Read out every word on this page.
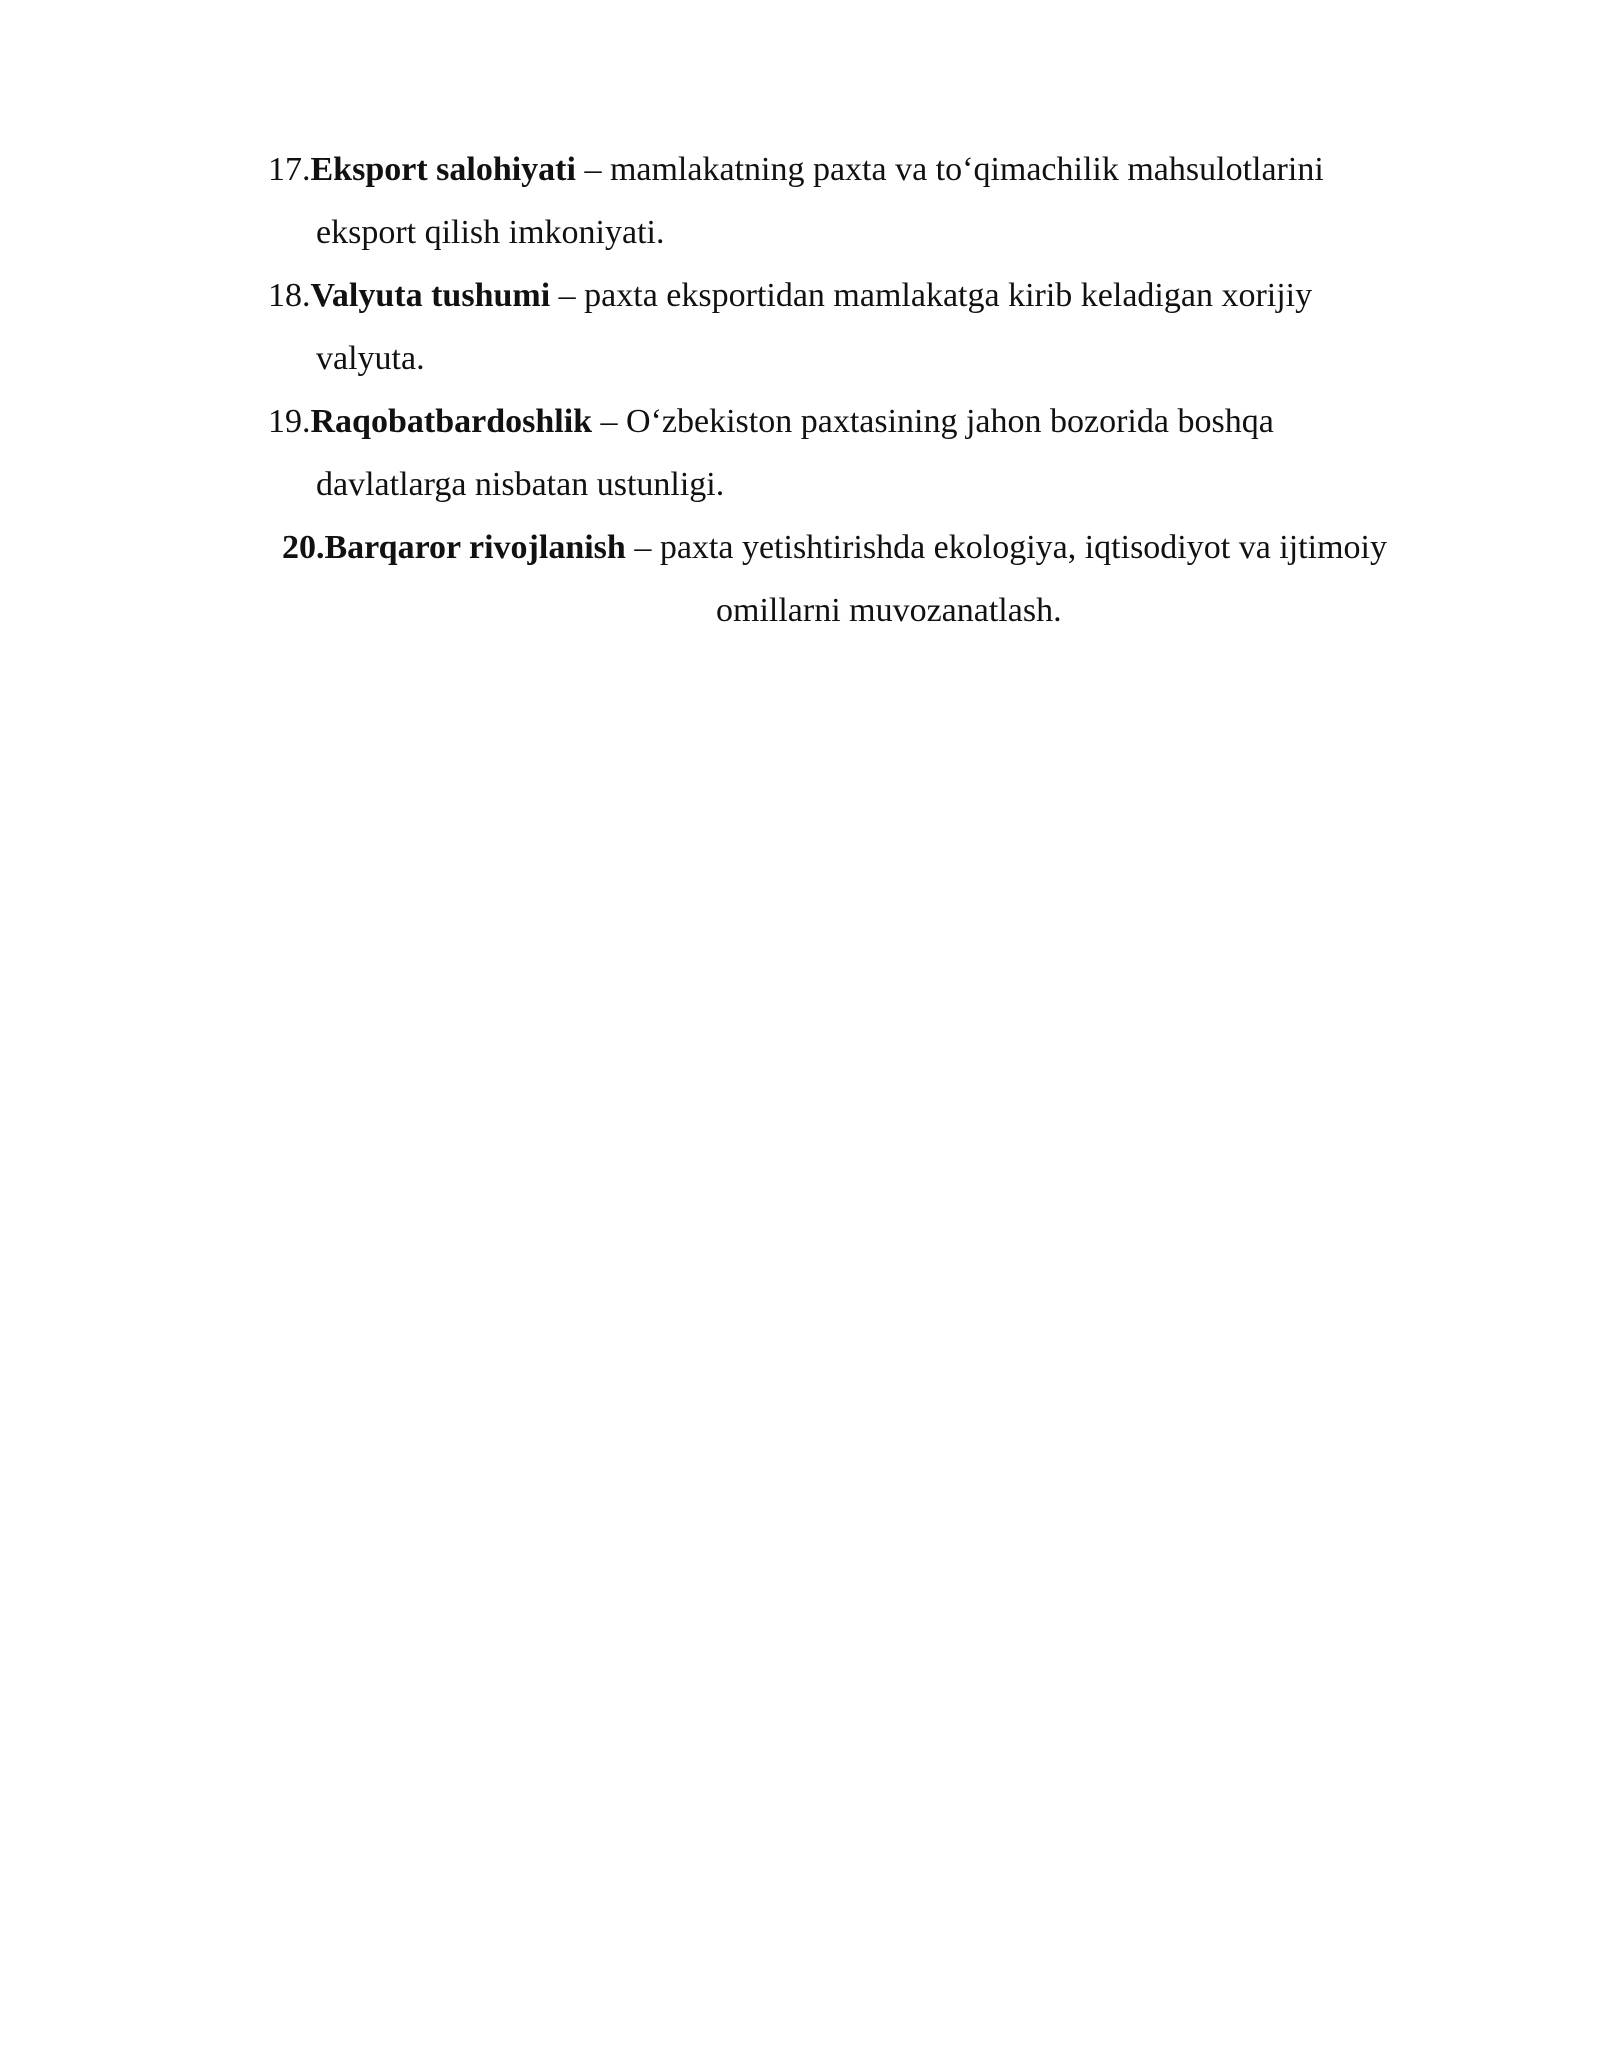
17.Eksport salohiyati – mamlakatning paxta va to‘qimachilik mahsulotlarini
eksport qilish imkoniyati.
18.Valyuta tushumi – paxta eksportidan mamlakatga kirib keladigan xorijiy
valyuta.
19.Raqobatbardoshlik – O‘zbekiston paxtasining jahon bozorida boshqa
davlatlarga nisbatan ustunligi.
20.Barqaror rivojlanish – paxta yetishtirishda ekologiya, iqtisodiyot va ijtimoiy
omillarni muvozanatlash.
